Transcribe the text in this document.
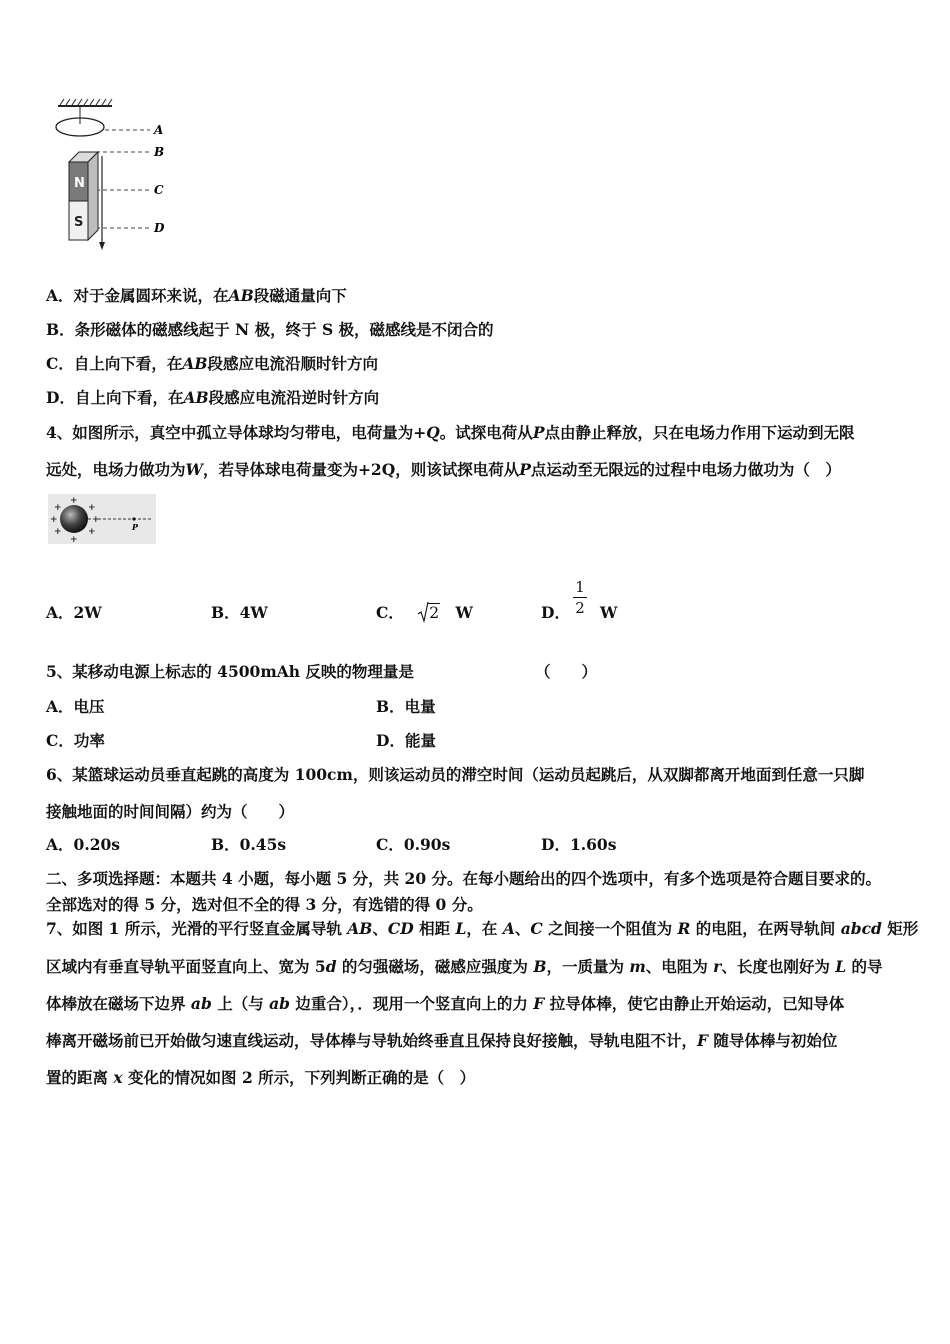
N
S
A
B
C
D
A．对于金属圆环来说，在AB段磁通量向下
B．条形磁体的磁感线起于 N 极，终于 S 极，磁感线是不闭合的
C．自上向下看，在AB段感应电流沿顺时针方向
D．自上向下看，在AB段感应电流沿逆时针方向
4、如图所示，真空中孤立导体球均匀带电，电荷量为+Q。试探电荷从P点由静止释放，只在电场力作用下运动到无限
远处，电场力做功为W，若导体球电荷量变为+2Q，则该试探电荷从P点运动至无限远的过程中电场力做功为（　）
+
+
+
+
+
+
+	+
P
A．2W	B．4W	C． 2 W	D． W
1
2
5、某移动电源上标志的 4500mAh 反映的物理量是	（　　）
A．电压	B．电量
C．功率	D．能量
6、某篮球运动员垂直起跳的高度为 100cm，则该运动员的滞空时间（运动员起跳后，从双脚都离开地面到任意一只脚
接触地面的时间间隔）约为（　　）
A．0.20s	B．0.45s	C．0.90s	D．1.60s
二、多项选择题：本题共 4 小题，每小题 5 分，共 20 分。在每小题给出的四个选项中，有多个选项是符合题目要求的。
全部选对的得 5 分，选对但不全的得 3 分，有选错的得 0 分。
7、如图 1 所示，光滑的平行竖直金属导轨 AB、CD 相距 L，在 A、C 之间接一个阻值为 R 的电阻，在两导轨间 abcd 矩形
区域内有垂直导轨平面竖直向上、宽为 5d 的匀强磁场，磁感应强度为 B，一质量为 m、电阻为 r、长度也刚好为 L 的导
体棒放在磁场下边界 ab 上（与 ab 边重合），．现用一个竖直向上的力 F 拉导体棒，使它由静止开始运动，已知导体
棒离开磁场前已开始做匀速直线运动，导体棒与导轨始终垂直且保持良好接触，导轨电阻不计，F 随导体棒与初始位
置的距离 x 变化的情况如图 2 所示，下列判断正确的是（　）
